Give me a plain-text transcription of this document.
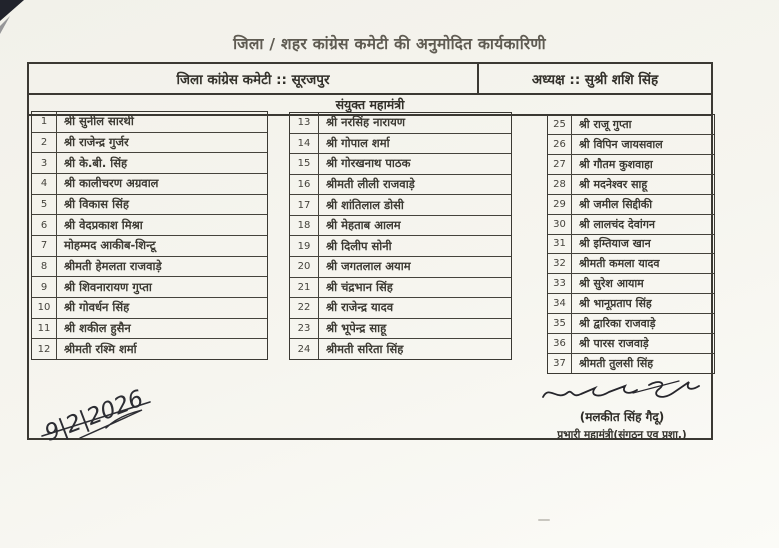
जिला / शहर कांग्रेस कमेटी की अनुमोदित कार्यकारिणी
जिला कांग्रेस कमेटी :: सूरजपुर	अध्यक्ष :: सुश्री शशि सिंह
संयुक्त महामंत्री
1	श्री सुनील सारथी
2	श्री राजेन्द्र गुर्जर
3	श्री के.बी. सिंह
4	श्री कालीचरण अग्रवाल
5	श्री विकास सिंह
6	श्री वेदप्रकाश मिश्रा
7	मोहम्मद आकीब-शिन्टू
8	श्रीमती हेमलता राजवाड़े
9	श्री शिवनारायण गुप्ता
10	श्री गोवर्धन सिंह
11	श्री शकील हुसैन
12	श्रीमती रश्मि शर्मा
13	श्री नरसिंह नारायण
14	श्री गोपाल शर्मा
15	श्री गोरखनाथ पाठक
16	श्रीमती लीली राजवाड़े
17	श्री शांतिलाल डोसी
18	श्री मेहताब आलम
19	श्री दिलीप सोनी
20	श्री जगतलाल अयाम
21	श्री चंद्रभान सिंह
22	श्री राजेन्द्र यादव
23	श्री भूपेन्द्र साहू
24	श्रीमती सरिता सिंह
25	श्री राजू गुप्ता
26	श्री विपिन जायसवाल
27	श्री गौतम कुशवाहा
28	श्री मदनेश्वर साहू
29	श्री जमील सिद्दीकी
30	श्री लालचंद देवांगन
31	श्री इम्तियाज खान
32	श्रीमती कमला यादव
33	श्री सुरेश आयाम
34	श्री भानूप्रताप सिंह
35	श्री द्वारिका राजवाड़े
36	श्री पारस राजवाड़े
37	श्रीमती तुलसी सिंह
9|2|2026	(मलकीत सिंह गैदू)
प्रभारी महामंत्री(संगठन एव प्रशा.)
